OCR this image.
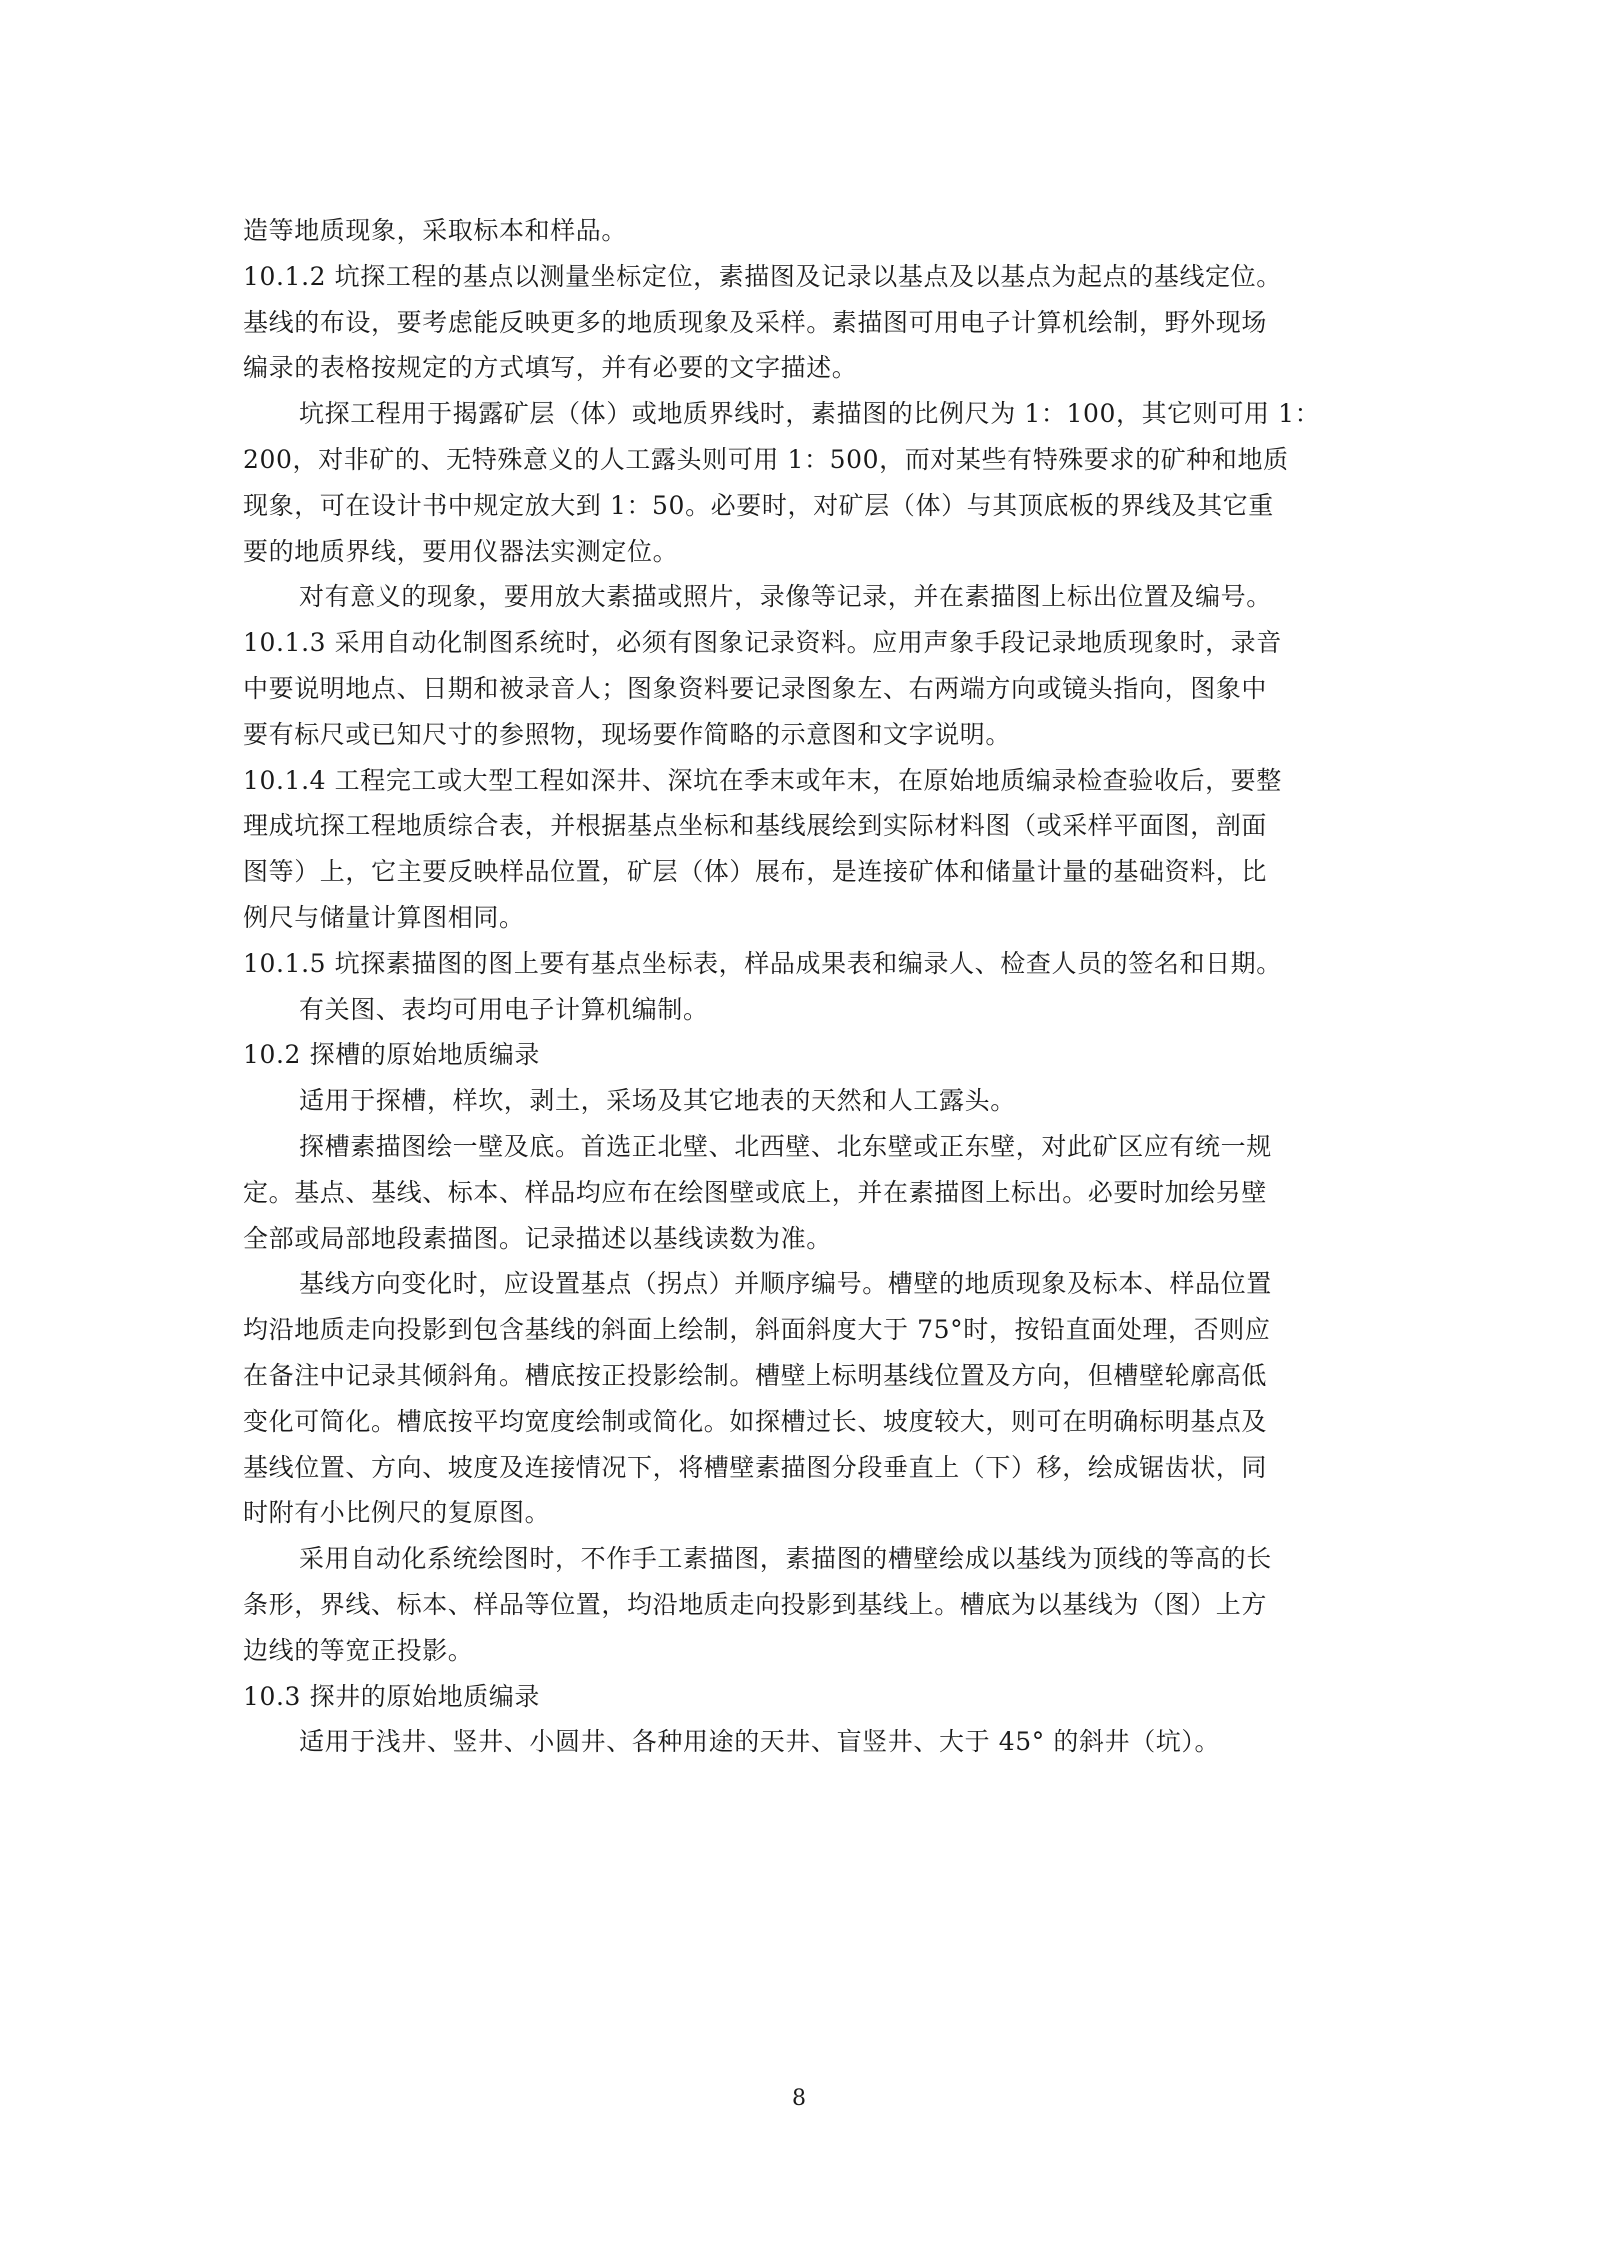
造等地质现象，采取标本和样品。
10.1.2 坑探工程的基点以测量坐标定位，素描图及记录以基点及以基点为起点的基线定位。
基线的布设，要考虑能反映更多的地质现象及采样。素描图可用电子计算机绘制，野外现场
编录的表格按规定的方式填写，并有必要的文字描述。
坑探工程用于揭露矿层（体）或地质界线时，素描图的比例尺为 1：100，其它则可用 1：
200，对非矿的、无特殊意义的人工露头则可用 1：500，而对某些有特殊要求的矿种和地质
现象，可在设计书中规定放大到 1：50。必要时，对矿层（体）与其顶底板的界线及其它重
要的地质界线，要用仪器法实测定位。
对有意义的现象，要用放大素描或照片，录像等记录，并在素描图上标出位置及编号。
10.1.3 采用自动化制图系统时，必须有图象记录资料。应用声象手段记录地质现象时，录音
中要说明地点、日期和被录音人；图象资料要记录图象左、右两端方向或镜头指向，图象中
要有标尺或已知尺寸的参照物，现场要作简略的示意图和文字说明。
10.1.4 工程完工或大型工程如深井、深坑在季末或年末，在原始地质编录检查验收后，要整
理成坑探工程地质综合表，并根据基点坐标和基线展绘到实际材料图（或采样平面图，剖面
图等）上，它主要反映样品位置，矿层（体）展布，是连接矿体和储量计量的基础资料，比
例尺与储量计算图相同。
10.1.5 坑探素描图的图上要有基点坐标表，样品成果表和编录人、检查人员的签名和日期。
有关图、表均可用电子计算机编制。
10.2 探槽的原始地质编录
适用于探槽，样坎，剥土，采场及其它地表的天然和人工露头。
探槽素描图绘一壁及底。首选正北壁、北西壁、北东壁或正东壁，对此矿区应有统一规
定。基点、基线、标本、样品均应布在绘图壁或底上，并在素描图上标出。必要时加绘另壁
全部或局部地段素描图。记录描述以基线读数为准。
基线方向变化时，应设置基点（拐点）并顺序编号。槽壁的地质现象及标本、样品位置
均沿地质走向投影到包含基线的斜面上绘制，斜面斜度大于 75°时，按铅直面处理，否则应
在备注中记录其倾斜角。槽底按正投影绘制。槽壁上标明基线位置及方向，但槽壁轮廓高低
变化可简化。槽底按平均宽度绘制或简化。如探槽过长、坡度较大，则可在明确标明基点及
基线位置、方向、坡度及连接情况下，将槽壁素描图分段垂直上（下）移，绘成锯齿状，同
时附有小比例尺的复原图。
采用自动化系统绘图时，不作手工素描图，素描图的槽壁绘成以基线为顶线的等高的长
条形，界线、标本、样品等位置，均沿地质走向投影到基线上。槽底为以基线为（图）上方
边线的等宽正投影。
10.3 探井的原始地质编录
适用于浅井、竖井、小圆井、各种用途的天井、盲竖井、大于 45° 的斜井（坑）。
8
